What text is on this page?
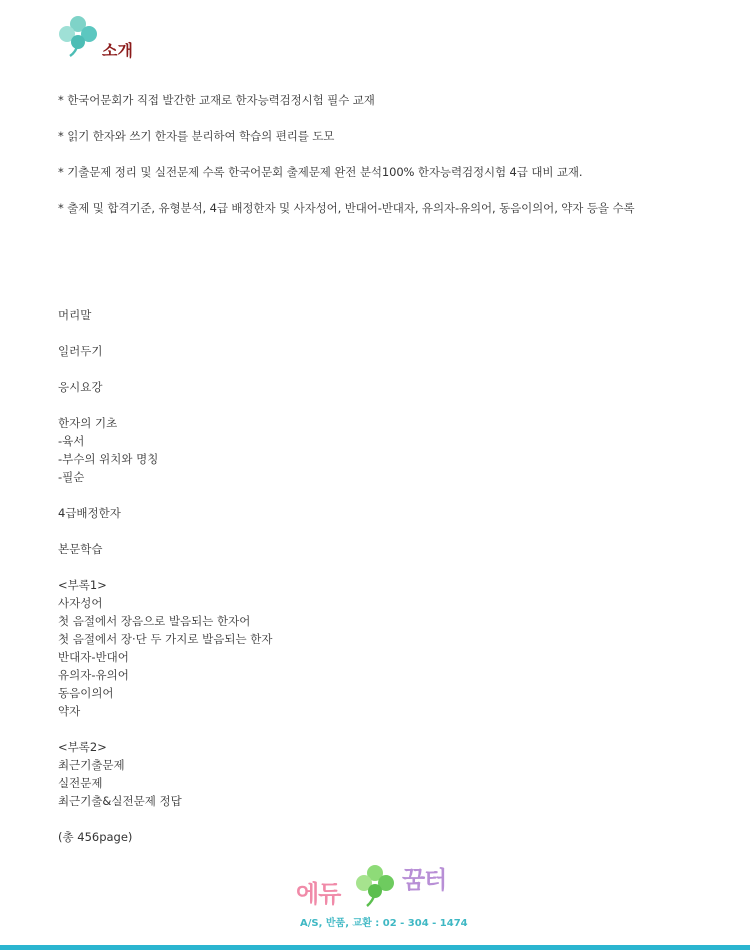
소개
* 한국어문회가 직접 발간한 교재로 한자능력검정시험 필수 교재
* 읽기 한자와 쓰기 한자를 분리하여 학습의 편리를 도모
* 기출문제 정리 및 실전문제 수록 한국어문회 출제문제 완전 분석100% 한자능력검정시험 4급 대비 교재.
* 출제 및 합격기준, 유형분석, 4급 배정한자 및 사자성어, 반대어-반대자, 유의자-유의어, 동음이의어, 약자 등을 수록
머리말
일러두기
응시요강
한자의 기초
-육서
-부수의 위치와 명칭
-필순
4급배정한자
본문학습
<부록1>
사자성어
첫 음절에서 장음으로 발음되는 한자어
첫 음절에서 장·단 두 가지로 발음되는 한자
반대자-반대어
유의자-유의어
동음이의어
약자
<부록2>
최근기출문제
실전문제
최근기출&실전문제 정답
(총 456page)
에듀	꿈터
A/S, 반품, 교환 : 02 - 304 - 1474
